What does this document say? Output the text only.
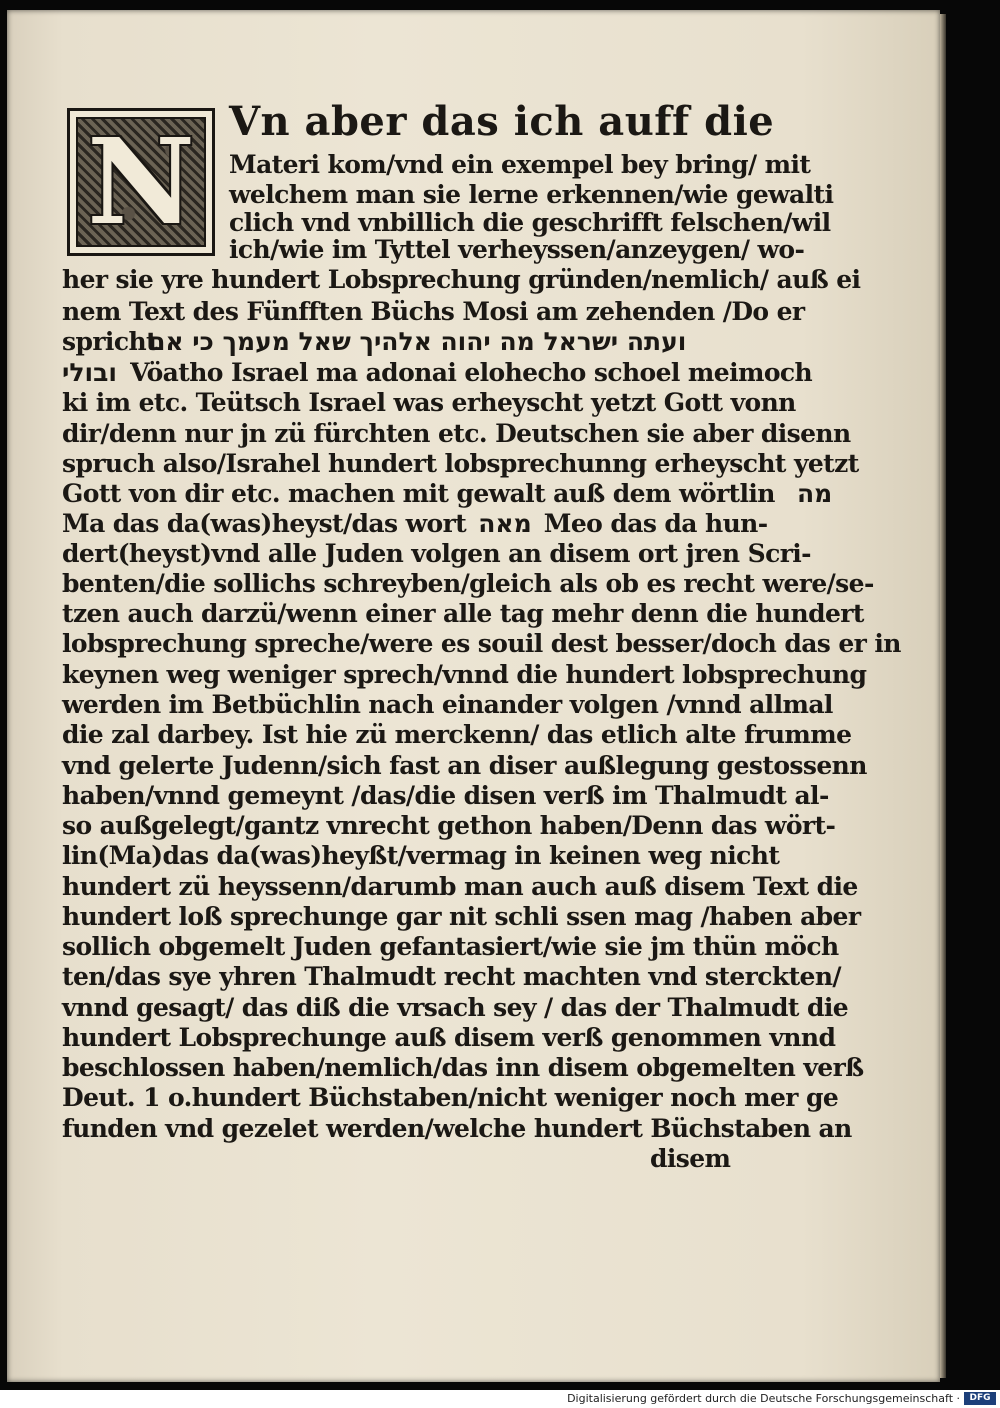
N Vn aber das ich auff die
Materi kom/vnd ein exempel bey bring/ mit
welchem man sie lerne erkennen/wie gewalti
clich vnd vnbillich die geschrifft felschen/wil
ich/wie im Tyttel verheyssen/anzeygen/ wo-
her sie yre hundert Lobsprechung gründen/nemlich/ auß ei
nem Text des Fünfften Büchs Mosi am zehenden /Do er
spricht
ועתה ישראל מה יהוה אלהיך שאל מעמך כי אם
ובולי Vöatho Israel ma adonai elohecho schoel meimoch
ki im etc. Teütsch Israel was erheyscht yetzt Gott vonn
dir/denn nur jn zü fürchten etc. Deutschen sie aber disenn
spruch also/Israhel hundert lobsprechunng erheyscht yetzt
Gott von dir etc. machen mit gewalt auß dem wörtlin מה
Ma das da(was)heyst/das wort מאה Meo das da hun-
dert(heyst)vnd alle Juden volgen an disem ort jren Scri-
benten/die sollichs schreyben/gleich als ob es recht were/se-
tzen auch darzü/wenn einer alle tag mehr denn die hundert
lobsprechung spreche/were es souil dest besser/doch das er in
keynen weg weniger sprech/vnnd die hundert lobsprechung
werden im Betbüchlin nach einander volgen /vnnd allmal
die zal darbey. Ist hie zü merckenn/ das etlich alte frumme
vnd gelerte Judenn/sich fast an diser außlegung gestossenn
haben/vnnd gemeynt /das/die disen verß im Thalmudt al-
so außgelegt/gantz vnrecht gethon haben/Denn das wört-
lin(Ma)das da(was)heyßt/vermag in keinen weg nicht
hundert zü heyssenn/darumb man auch auß disem Text die
hundert loß sprechunge gar nit schli ssen mag /haben aber
sollich obgemelt Juden gefantasiert/wie sie jm thün möch
ten/das sye yhren Thalmudt recht machten vnd sterckten/
vnnd gesagt/ das diß die vrsach sey / das der Thalmudt die
hundert Lobsprechunge auß disem verß genommen vnnd
beschlossen haben/nemlich/das inn disem obgemelten verß
Deut. 1 o.hundert Büchstaben/nicht weniger noch mer ge
funden vnd gezelet werden/welche hundert Büchstaben an
disem
Digitalisierung gefördert durch die Deutsche Forschungsgemeinschaft ·	DFG
